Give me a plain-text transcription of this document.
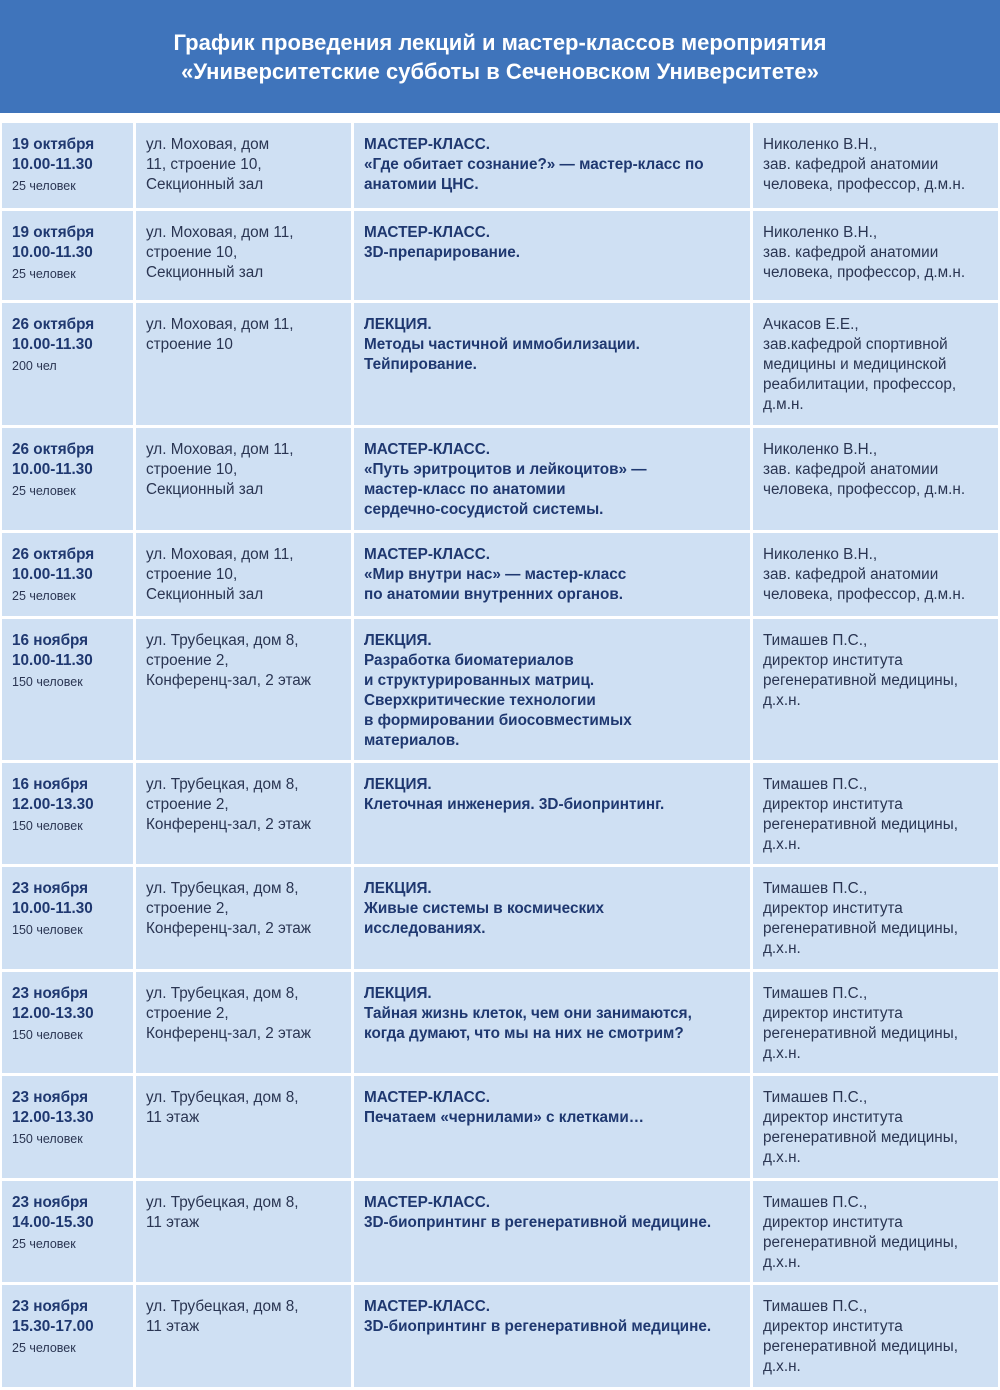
График проведения лекций и мастер-классов мероприятия
«Университетские субботы в Сеченовском Университете»
19 октября
10.00-11.30
25 человек
ул. Моховая, дом
11, строение 10,
Секционный зал
МАСТЕР-КЛАСС.
«Где обитает сознание?» — мастер-класс по
анатомии ЦНС.
Николенко В.Н.,
зав. кафедрой анатомии
человека, профессор, д.м.н.
19 октября
10.00-11.30
25 человек
ул. Моховая, дом 11,
строение 10,
Секционный зал
МАСТЕР-КЛАСС.
3D-препарирование.
Николенко В.Н.,
зав. кафедрой анатомии
человека, профессор, д.м.н.
26 октября
10.00-11.30
200 чел
ул. Моховая, дом 11,
строение 10
ЛЕКЦИЯ.
Методы частичной иммобилизации.
Тейпирование.
Ачкасов Е.Е.,
зав.кафедрой спортивной
медицины и медицинской
реабилитации, профессор,
д.м.н.
26 октября
10.00-11.30
25 человек
ул. Моховая, дом 11,
строение 10,
Секционный зал
МАСТЕР-КЛАСС.
«Путь эритроцитов и лейкоцитов» —
мастер-класс по анатомии
сердечно-сосудистой системы.
Николенко В.Н.,
зав. кафедрой анатомии
человека, профессор, д.м.н.
26 октября
10.00-11.30
25 человек
ул. Моховая, дом 11,
строение 10,
Секционный зал
МАСТЕР-КЛАСС.
«Мир внутри нас» — мастер-класс
по анатомии внутренних органов.
Николенко В.Н.,
зав. кафедрой анатомии
человека, профессор, д.м.н.
16 ноября
10.00-11.30
150 человек
ул. Трубецкая, дом 8,
строение 2,
Конференц-зал, 2 этаж
ЛЕКЦИЯ.
Разработка биоматериалов
и структурированных матриц.
Сверхкритические технологии
в формировании биосовместимых
материалов.
Тимашев П.С.,
директор института
регенеративной медицины,
д.х.н.
16 ноября
12.00-13.30
150 человек
ул. Трубецкая, дом 8,
строение 2,
Конференц-зал, 2 этаж
ЛЕКЦИЯ.
Клеточная инженерия. 3D-биопринтинг.
Тимашев П.С.,
директор института
регенеративной медицины,
д.х.н.
23 ноября
10.00-11.30
150 человек
ул. Трубецкая, дом 8,
строение 2,
Конференц-зал, 2 этаж
ЛЕКЦИЯ.
Живые системы в космических
исследованиях.
Тимашев П.С.,
директор института
регенеративной медицины,
д.х.н.
23 ноября
12.00-13.30
150 человек
ул. Трубецкая, дом 8,
строение 2,
Конференц-зал, 2 этаж
ЛЕКЦИЯ.
Тайная жизнь клеток, чем они занимаются,
когда думают, что мы на них не смотрим?
Тимашев П.С.,
директор института
регенеративной медицины,
д.х.н.
23 ноября
12.00-13.30
150 человек
ул. Трубецкая, дом 8,
11 этаж
МАСТЕР-КЛАСС.
Печатаем «чернилами» с клетками…
Тимашев П.С.,
директор института
регенеративной медицины,
д.х.н.
23 ноября
14.00-15.30
25 человек
ул. Трубецкая, дом 8,
11 этаж
МАСТЕР-КЛАСС.
3D-биопринтинг в регенеративной медицине.
Тимашев П.С.,
директор института
регенеративной медицины,
д.х.н.
23 ноября
15.30-17.00
25 человек
ул. Трубецкая, дом 8,
11 этаж
МАСТЕР-КЛАСС.
3D-биопринтинг в регенеративной медицине.
Тимашев П.С.,
директор института
регенеративной медицины,
д.х.н.
